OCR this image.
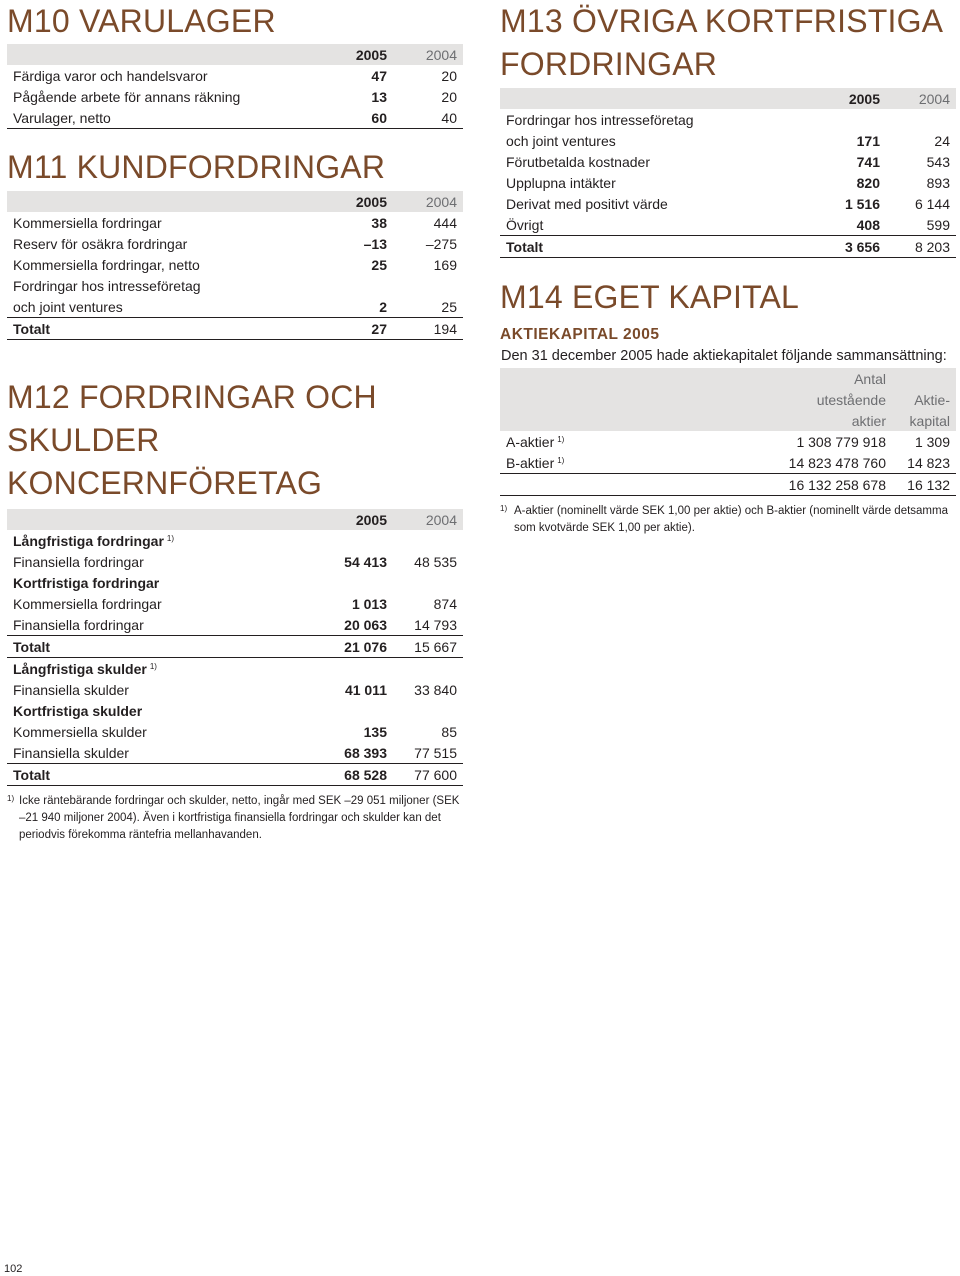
M10 VARULAGER
	2005	2004
Färdiga varor och handelsvaror	47	20
Pågående arbete för annans räkning	13	20
Varulager, netto	60	40
M11 KUNDFORDRINGAR
	2005	2004
Kommersiella fordringar	38	444
Reserv för osäkra fordringar	–13	–275
Kommersiella fordringar, netto	25	169
Fordringar hos intresseföretag		
och joint ventures	2	25
Totalt	27	194
M12 FORDRINGAR OCH
SKULDER KONCERNFÖRETAG
	2005	2004
Långfristiga fordringar $^{1)}$		
Finansiella fordringar	54 413	48 535
Kortfristiga fordringar		
Kommersiella fordringar	1 013	874
Finansiella fordringar	20 063	14 793
Totalt	21 076	15 667
Långfristiga skulder $^{1)}$		
Finansiella skulder	41 011	33 840
Kortfristiga skulder		
Kommersiella skulder	135	85
Finansiella skulder	68 393	77 515
Totalt	68 528	77 600
1) Icke räntebärande fordringar och skulder, netto, ingår med SEK –29 051 miljoner (SEK –21 940 miljoner 2004). Även i kortfristiga finansiella fordringar och skulder kan det periodvis förekomma räntefria mellanhavanden.
M13 ÖVRIGA KORTFRISTIGA
FORDRINGAR
	2005	2004
Fordringar hos intresseföretag		
och joint ventures	171	24
Förutbetalda kostnader	741	543
Upplupna intäkter	820	893
Derivat med positivt värde	1 516	6 144
Övrigt	408	599
Totalt	3 656	8 203
M14 EGET KAPITAL
AKTIEKAPITAL 2005
Den 31 december 2005 hade aktiekapitalet följande sammansättning:
	Antal	
	utestående	Aktie-
	aktier	kapital
A-aktier $^{1)}$	1 308 779 918	1 309
B-aktier $^{1)}$	14 823 478 760	14 823
	16 132 258 678	16 132
1) A-aktier (nominellt värde SEK 1,00 per aktie) och B-aktier (nominellt värde detsamma som kvotvärde SEK 1,00 per aktie).
102
